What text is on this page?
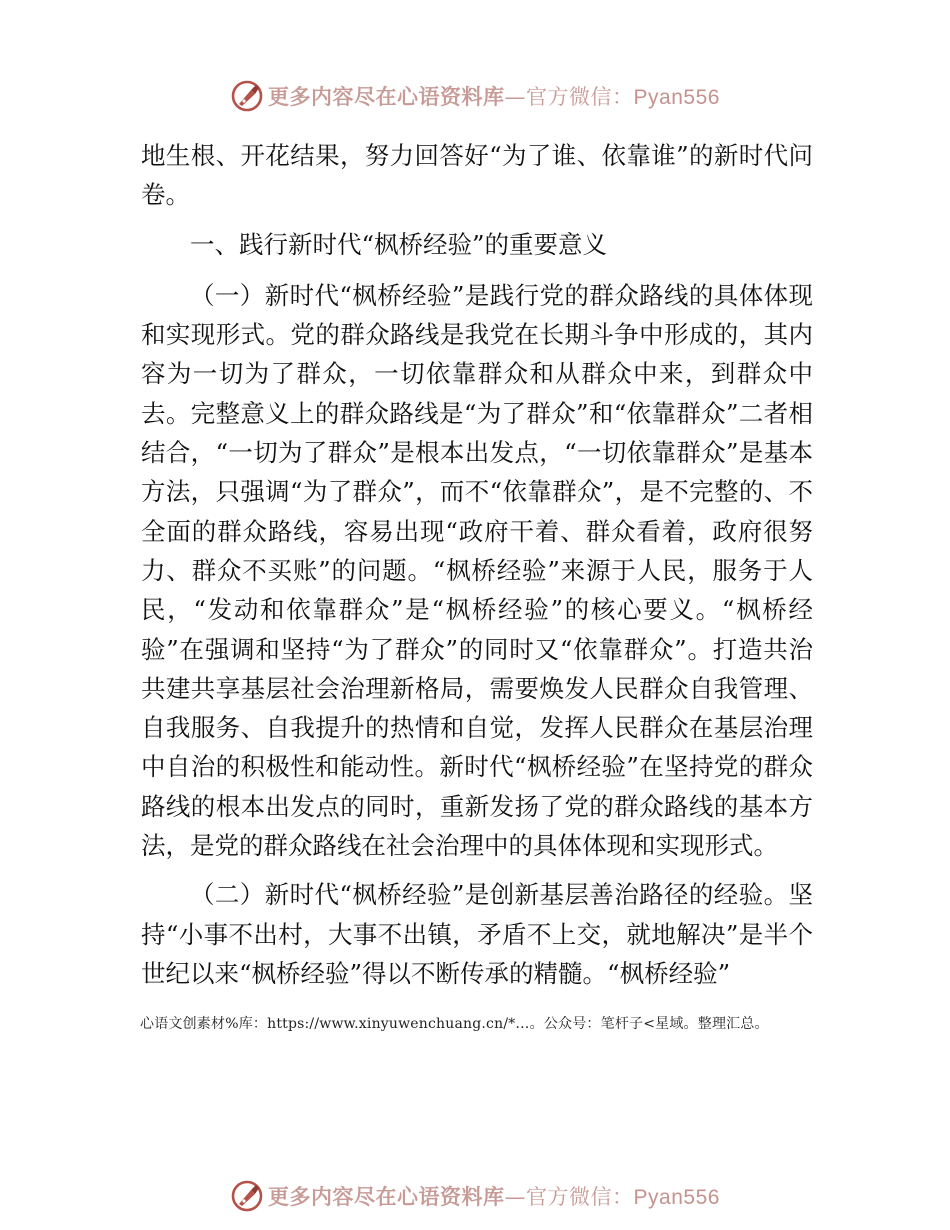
更多内容尽在心语资料库—官方微信：Pyan556

地生根、开花结果，努力回答好“为了谁、依靠谁”的新时代问卷。

一、践行新时代“枫桥经验”的重要意义

（一）新时代“枫桥经验”是践行党的群众路线的具体体现和实现形式。党的群众路线是我党在长期斗争中形成的，其内容为一切为了群众，一切依靠群众和从群众中来，到群众中去。完整意义上的群众路线是“为了群众”和“依靠群众”二者相结合，“一切为了群众”是根本出发点，“一切依靠群众”是基本方法，只强调“为了群众”，而不“依靠群众”，是不完整的、不全面的群众路线，容易出现“政府干着、群众看着，政府很努力、群众不买账”的问题。“枫桥经验”来源于人民，服务于人民，“发动和依靠群众”是“枫桥经验”的核心要义。“枫桥经验”在强调和坚持“为了群众”的同时又“依靠群众”。打造共治共建共享基层社会治理新格局，需要焕发人民群众自我管理、自我服务、自我提升的热情和自觉，发挥人民群众在基层治理中自治的积极性和能动性。新时代“枫桥经验”在坚持党的群众路线的根本出发点的同时，重新发扬了党的群众路线的基本方法，是党的群众路线在社会治理中的具体体现和实现形式。

（二）新时代“枫桥经验”是创新基层善治路径的经验。坚持“小事不出村，大事不出镇，矛盾不上交，就地解决”是半个世纪以来“枫桥经验”得以不断传承的精髓。“枫桥经验”

心语文创素材%库：https://www.xinyuwenchuang.cn/*…。公众号：笔杆子<星域。整理汇总。
更多内容尽在心语资料库—官方微信：Pyan556
